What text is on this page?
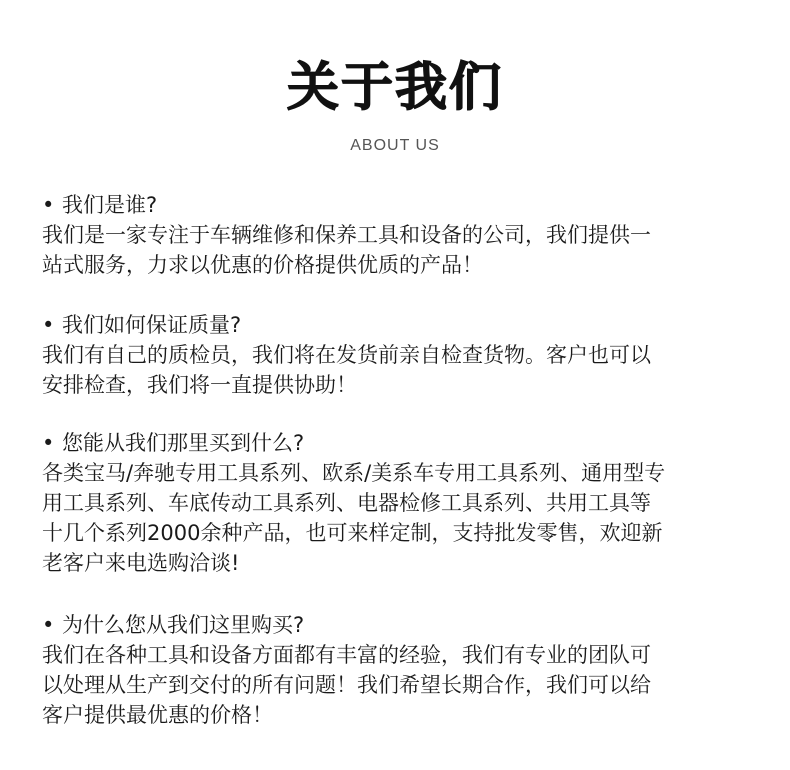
关于我们
ABOUT US
• 我们是谁?
我们是一家专注于车辆维修和保养工具和设备的公司，我们提供一
站式服务，力求以优惠的价格提供优质的产品！
• 我们如何保证质量?
我们有自己的质检员，我们将在发货前亲自检查货物。客户也可以
安排检查，我们将一直提供协助！
• 您能从我们那里买到什么?
各类宝马/奔驰专用工具系列、欧系/美系车专用工具系列、通用型专
用工具系列、车底传动工具系列、电器检修工具系列、共用工具等
十几个系列2000余种产品，也可来样定制，支持批发零售，欢迎新
老客户来电选购洽谈!
• 为什么您从我们这里购买?
我们在各种工具和设备方面都有丰富的经验，我们有专业的团队可
以处理从生产到交付的所有问题！我们希望长期合作，我们可以给
客户提供最优惠的价格！
